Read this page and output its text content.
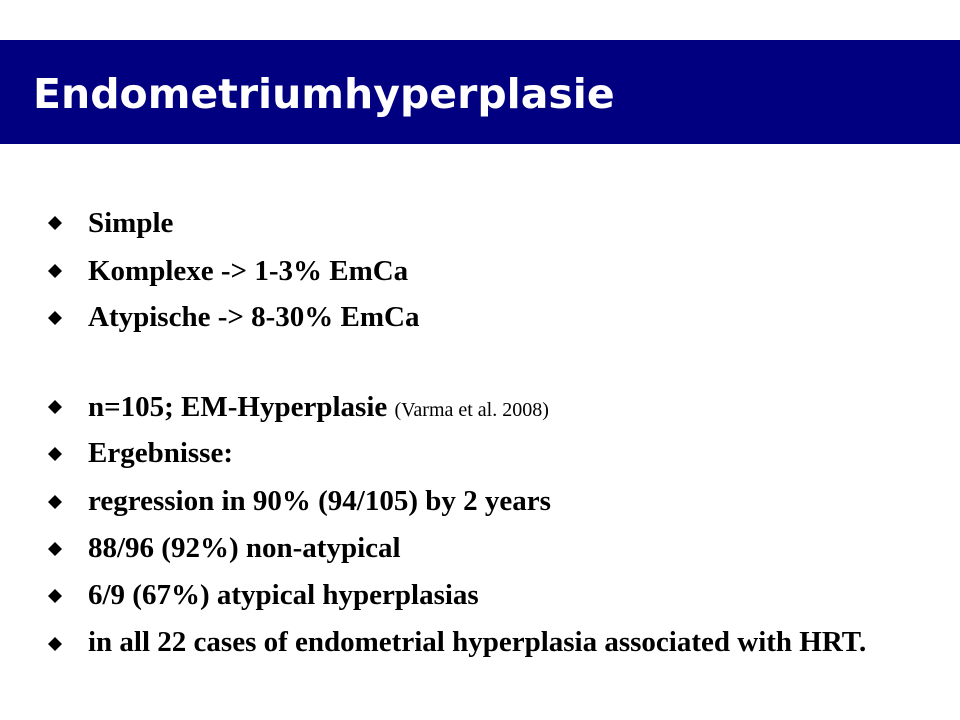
Endometriumhyperplasie
Simple
Komplexe -> 1-3% EmCa
Atypische -> 8-30% EmCa
n=105; EM-Hyperplasie (Varma et al. 2008)
Ergebnisse:
regression in 90% (94/105) by 2 years
88/96 (92%) non-atypical
6/9 (67%) atypical hyperplasias
in all 22 cases of endometrial hyperplasia associated with HRT.
